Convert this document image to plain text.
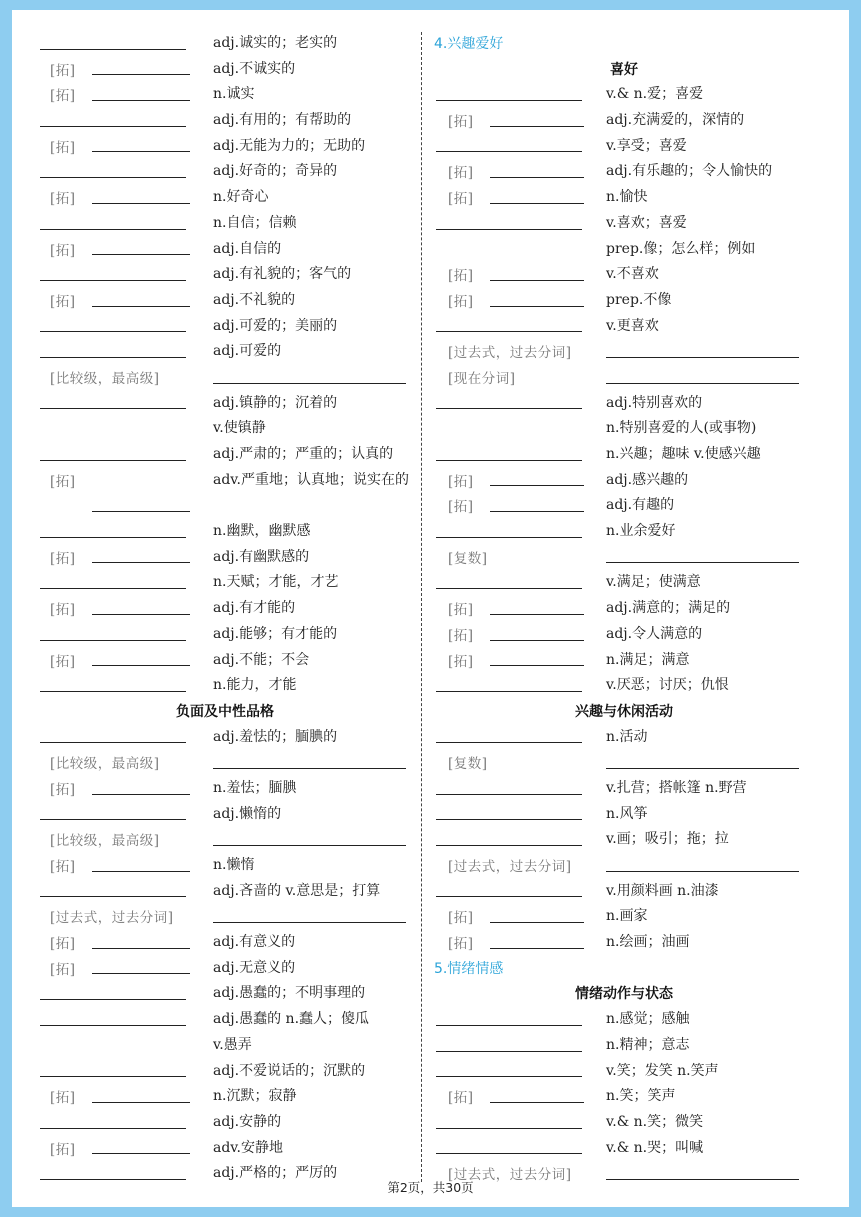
adj.诚实的；老实的
[拓]	adj.不诚实的
[拓]	n.诚实
adj.有用的；有帮助的
[拓]	adj.无能为力的；无助的
adj.好奇的；奇异的
[拓]	n.好奇心
n.自信；信赖
[拓]	adj.自信的
adj.有礼貌的；客气的
[拓]	adj.不礼貌的
adj.可爱的；美丽的
adj.可爱的
[比较级，最高级]
adj.镇静的；沉着的
v.使镇静
adj.严肃的；严重的；认真的
[拓]	adv.严重地；认真地；说实在的
n.幽默，幽默感
[拓]	adj.有幽默感的
n.天赋；才能，才艺
[拓]	adj.有才能的
adj.能够；有才能的
[拓]	adj.不能；不会
n.能力，才能
负面及中性品格
adj.羞怯的；腼腆的
[比较级，最高级]
[拓]	n.羞怯；腼腆
adj.懒惰的
[比较级，最高级]
[拓]	n.懒惰
adj.吝啬的 v.意思是；打算
[过去式，过去分词]
[拓]	adj.有意义的
[拓]	adj.无意义的
adj.愚蠢的；不明事理的
adj.愚蠢的 n.蠢人；傻瓜
v.愚弄
adj.不爱说话的；沉默的
[拓]	n.沉默；寂静
adj.安静的
[拓]	adv.安静地
adj.严格的；严厉的
4.兴趣爱好
喜好
v.& n.爱；喜爱
[拓]	adj.充满爱的，深情的
v.享受；喜爱
[拓]	adj.有乐趣的；令人愉快的
[拓]	n.愉快
v.喜欢；喜爱
prep.像；怎么样；例如
[拓]	v.不喜欢
[拓]	prep.不像
v.更喜欢
[过去式，过去分词]
[现在分词]
adj.特别喜欢的
n.特别喜爱的人(或事物)
n.兴趣；趣味 v.使感兴趣
[拓]	adj.感兴趣的
[拓]	adj.有趣的
n.业余爱好
[复数]
v.满足；使满意
[拓]	adj.满意的；满足的
[拓]	adj.令人满意的
[拓]	n.满足；满意
v.厌恶；讨厌；仇恨
兴趣与休闲活动
n.活动
[复数]
v.扎营；搭帐篷 n.野营
n.风筝
v.画；吸引；拖；拉
[过去式，过去分词]
v.用颜料画 n.油漆
[拓]	n.画家
[拓]	n.绘画；油画
5.情绪情感
情绪动作与状态
n.感觉；感触
n.精神；意志
v.笑；发笑 n.笑声
[拓]	n.笑；笑声
v.& n.笑；微笑
v.& n.哭；叫喊
[过去式，过去分词]
第2页，共30页
